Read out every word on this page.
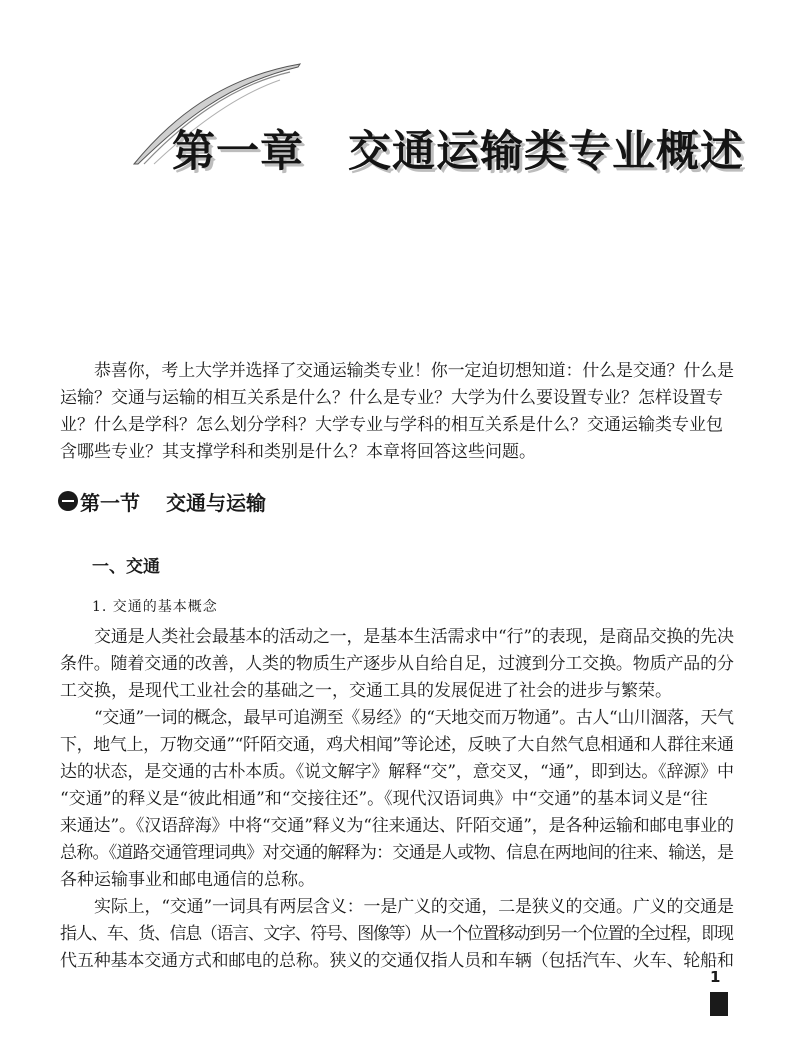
第一章 交通运输类专业概述

恭喜你，考上大学并选择了交通运输类专业！你一定迫切想知道：什么是交通？什么是
运输？交通与运输的相互关系是什么？什么是专业？大学为什么要设置专业？怎样设置专
业？什么是学科？怎么划分学科？大学专业与学科的相互关系是什么？交通运输类专业包
含哪些专业？其支撑学科和类别是什么？本章将回答这些问题。

第一节 交通与运输
一、交通
1. 交通的基本概念

交通是人类社会最基本的活动之一，是基本生活需求中“行”的表现，是商品交换的先决
条件。随着交通的改善，人类的物质生产逐步从自给自足，过渡到分工交换。物质产品的分
工交换，是现代工业社会的基础之一，交通工具的发展促进了社会的进步与繁荣。

“交通”一词的概念，最早可追溯至《易经》的“天地交而万物通”。古人“山川涸落，天气
下，地气上，万物交通”“阡陌交通，鸡犬相闻”等论述，反映了大自然气息相通和人群往来通
达的状态，是交通的古朴本质。《说文解字》解释“交”，意交叉，“通”，即到达。《辞源》中
“交通”的释义是“彼此相通”和“交接往还”。《现代汉语词典》中“交通”的基本词义是“往
来通达”。《汉语辞海》中将“交通”释义为“往来通达、阡陌交通”，是各种运输和邮电事业的
总称。《道路交通管理词典》对交通的解释为：交通是人或物、信息在两地间的往来、输送，是
各种运输事业和邮电通信的总称。

实际上，“交通”一词具有两层含义：一是广义的交通，二是狭义的交通。广义的交通是
指人、车、货、信息（语言、文字、符号、图像等）从一个位置移动到另一个位置的全过程，即现
代五种基本交通方式和邮电的总称。狭义的交通仅指人员和车辆（包括汽车、火车、轮船和

1
